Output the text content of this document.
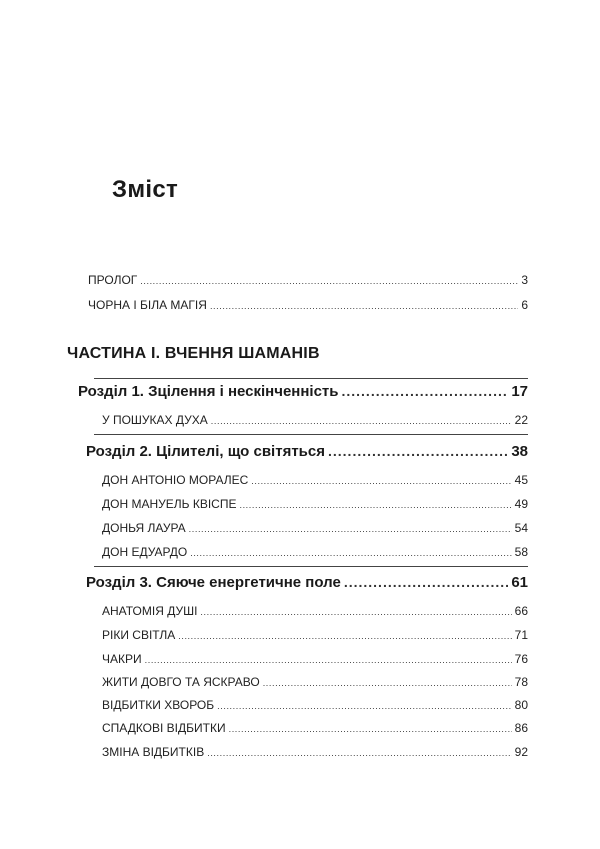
Зміст
ПРОЛОГ .....	3
ЧОРНА І БІЛА МАГІЯ .....	6
ЧАСТИНА І. ВЧЕННЯ ШАМАНІВ
Розділ 1. Зцілення і нескінченність .....	17
У ПОШУКАХ ДУХА .....	22
Розділ 2. Цілителі, що світяться .....	38
ДОН АНТОНІО МОРАЛЕС .....	45
ДОН МАНУЕЛЬ КВІСПЕ .....	49
ДОНЬЯ ЛАУРА .....	54
ДОН ЕДУАРДО .....	58
Розділ 3. Сяюче енергетичне поле .....	61
АНАТОМІЯ ДУШІ .....	66
РІКИ СВІТЛА .....	71
ЧАКРИ .....	76
ЖИТИ ДОВГО ТА ЯСКРАВО .....	78
ВІДБИТКИ ХВОРОБ .....	80
СПАДКОВІ ВІДБИТКИ .....	86
ЗМІНА ВІДБИТКІВ .....	92
